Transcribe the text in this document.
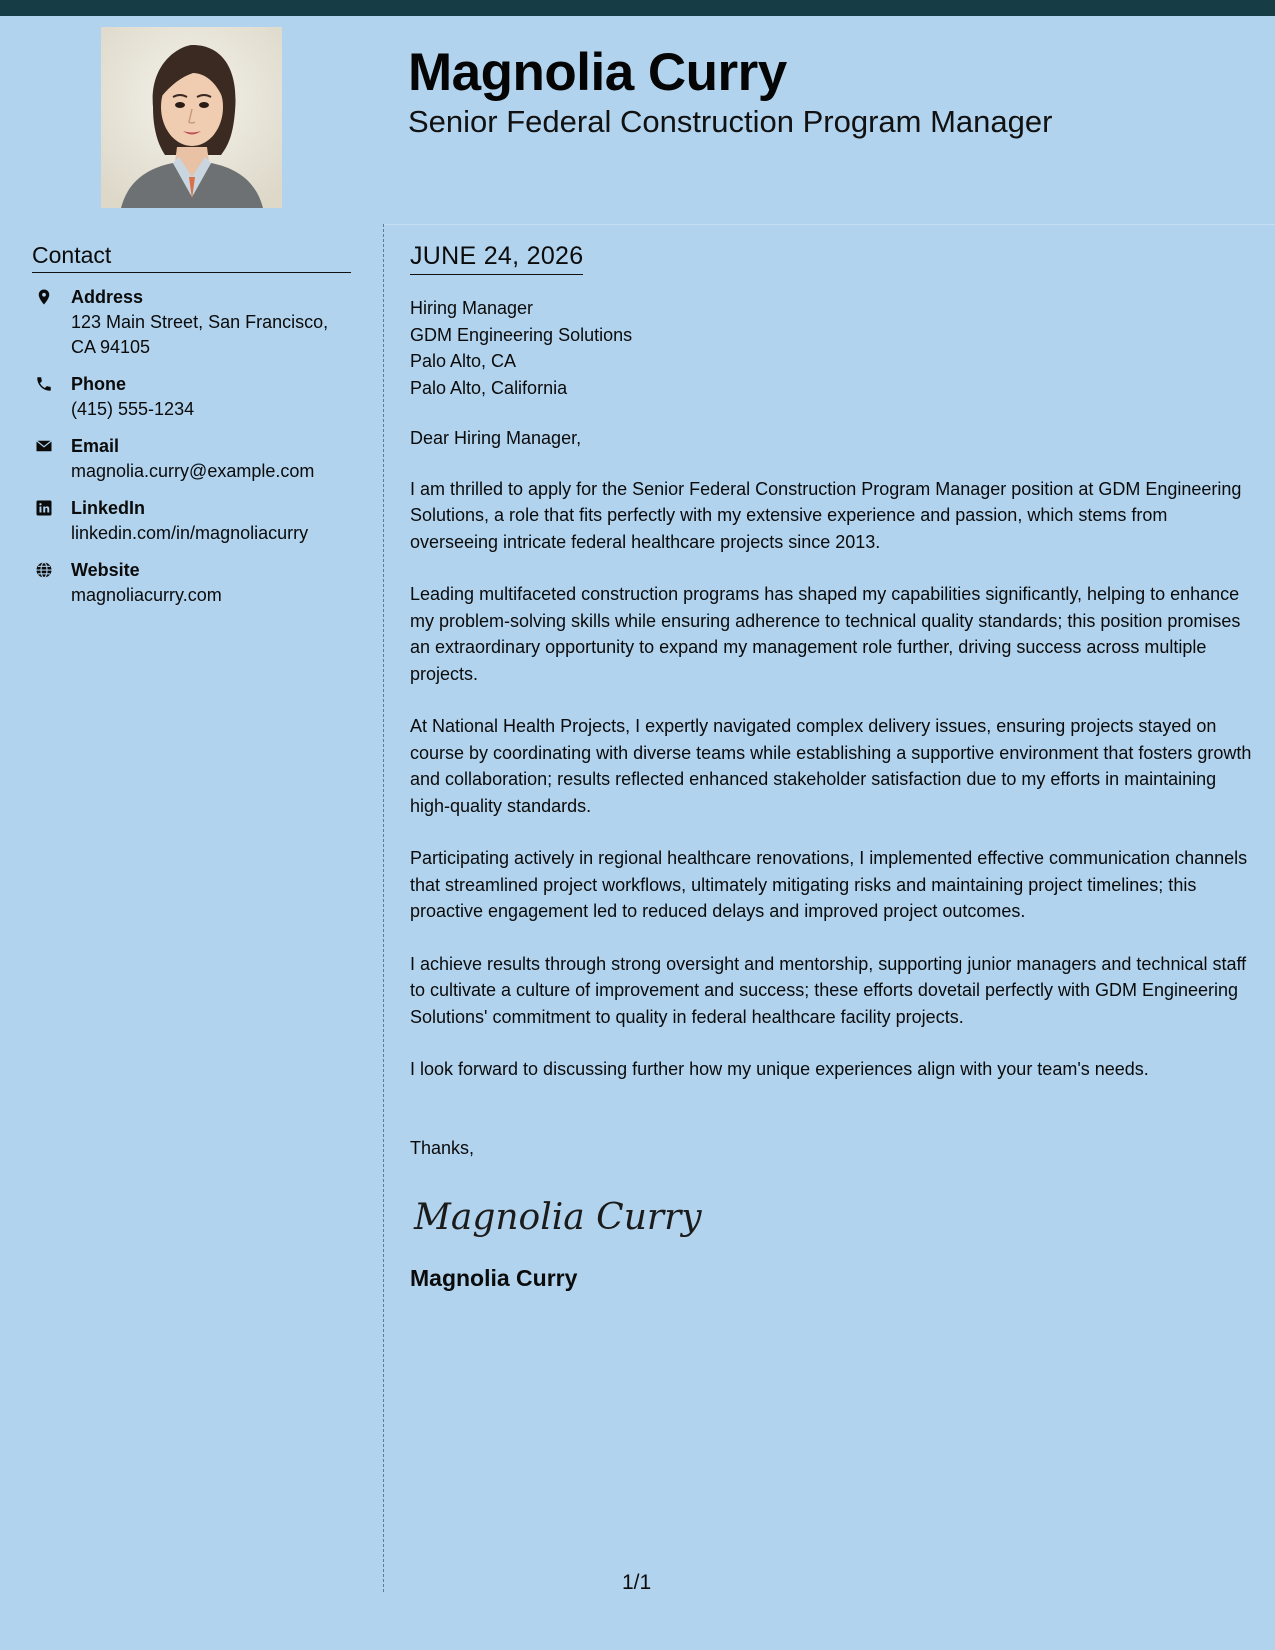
Magnolia Curry
Senior Federal Construction Program Manager
Contact
Address
123 Main Street, San Francisco, CA 94105
Phone
(415) 555-1234
Email
magnolia.curry@example.com
LinkedIn
linkedin.com/in/magnoliacurry
Website
magnoliacurry.com
JUNE 24, 2026
Hiring Manager
GDM Engineering Solutions
Palo Alto, CA
Palo Alto, California
Dear Hiring Manager,

I am thrilled to apply for the Senior Federal Construction Program Manager position at GDM Engineering Solutions, a role that fits perfectly with my extensive experience and passion, which stems from overseeing intricate federal healthcare projects since 2013.

Leading multifaceted construction programs has shaped my capabilities significantly, helping to enhance my problem-solving skills while ensuring adherence to technical quality standards; this position promises an extraordinary opportunity to expand my management role further, driving success across multiple projects.

At National Health Projects, I expertly navigated complex delivery issues, ensuring projects stayed on course by coordinating with diverse teams while establishing a supportive environment that fosters growth and collaboration; results reflected enhanced stakeholder satisfaction due to my efforts in maintaining high-quality standards.

Participating actively in regional healthcare renovations, I implemented effective communication channels that streamlined project workflows, ultimately mitigating risks and maintaining project timelines; this proactive engagement led to reduced delays and improved project outcomes.

I achieve results through strong oversight and mentorship, supporting junior managers and technical staff to cultivate a culture of improvement and success; these efforts dovetail perfectly with GDM Engineering Solutions' commitment to quality in federal healthcare facility projects.

I look forward to discussing further how my unique experiences align with your team's needs.

Thanks,
Magnolia Curry
Magnolia Curry
1/1
